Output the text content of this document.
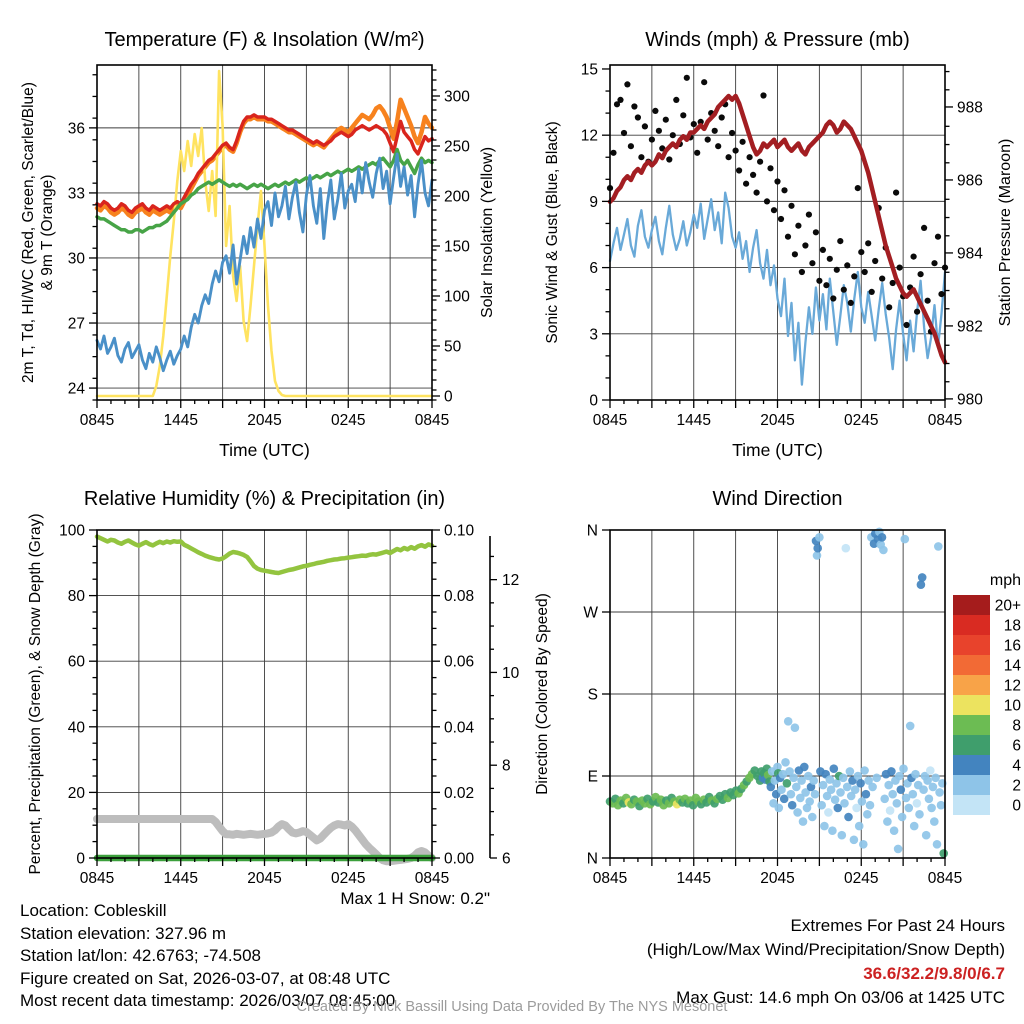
0845	1445	2045	0245	0845
24
27
30
33
36
0
50
100
150
200
250
300
Temperature (F) & Insolation (W/m²)
Time (UTC)
2m T, Td, HI/WC (Red, Green, Scarlet/Blue) & 9m T (Orange)	Solar Insolation (Yellow)
0845	1445	2045	0245	0845
0
3
6
9
12
15
980
982
984
986
988
Winds (mph) & Pressure (mb)
Time (UTC)
Sonic Wind & Gust (Blue, Black)	Station Pressure (Maroon)
0845	1445	2045	0245	0845
0
20
40
60
80
100
0.00
0.02
0.04
0.06
0.08
0.10
6
8
10
12
Relative Humidity (%) & Precipitation (in)
Percent, Precipitation (Green), & Snow Depth (Gray)
0845	1445	2045	0245	0845
N
E
S
W
N
mph
20+
18
16
14
12
10
8
6
4
2
0
Wind Direction
Direction (Colored By Speed)
Location: Cobleskill
Station elevation: 327.96 m
Station lat/lon: 42.6763; -74.508
Figure created on Sat, 2026-03-07, at 08:48 UTC
Most recent data timestamp: 2026/03/07 08:45:00
Max 1 H Snow: 0.2"
Extremes For Past 24 Hours
(High/Low/Max Wind/Precipitation/Snow Depth)
36.6/32.2/9.8/0/6.7
Max Gust: 14.6 mph On 03/06 at 1425 UTC
Created By Nick Bassill Using Data Provided By The NYS Mesonet
